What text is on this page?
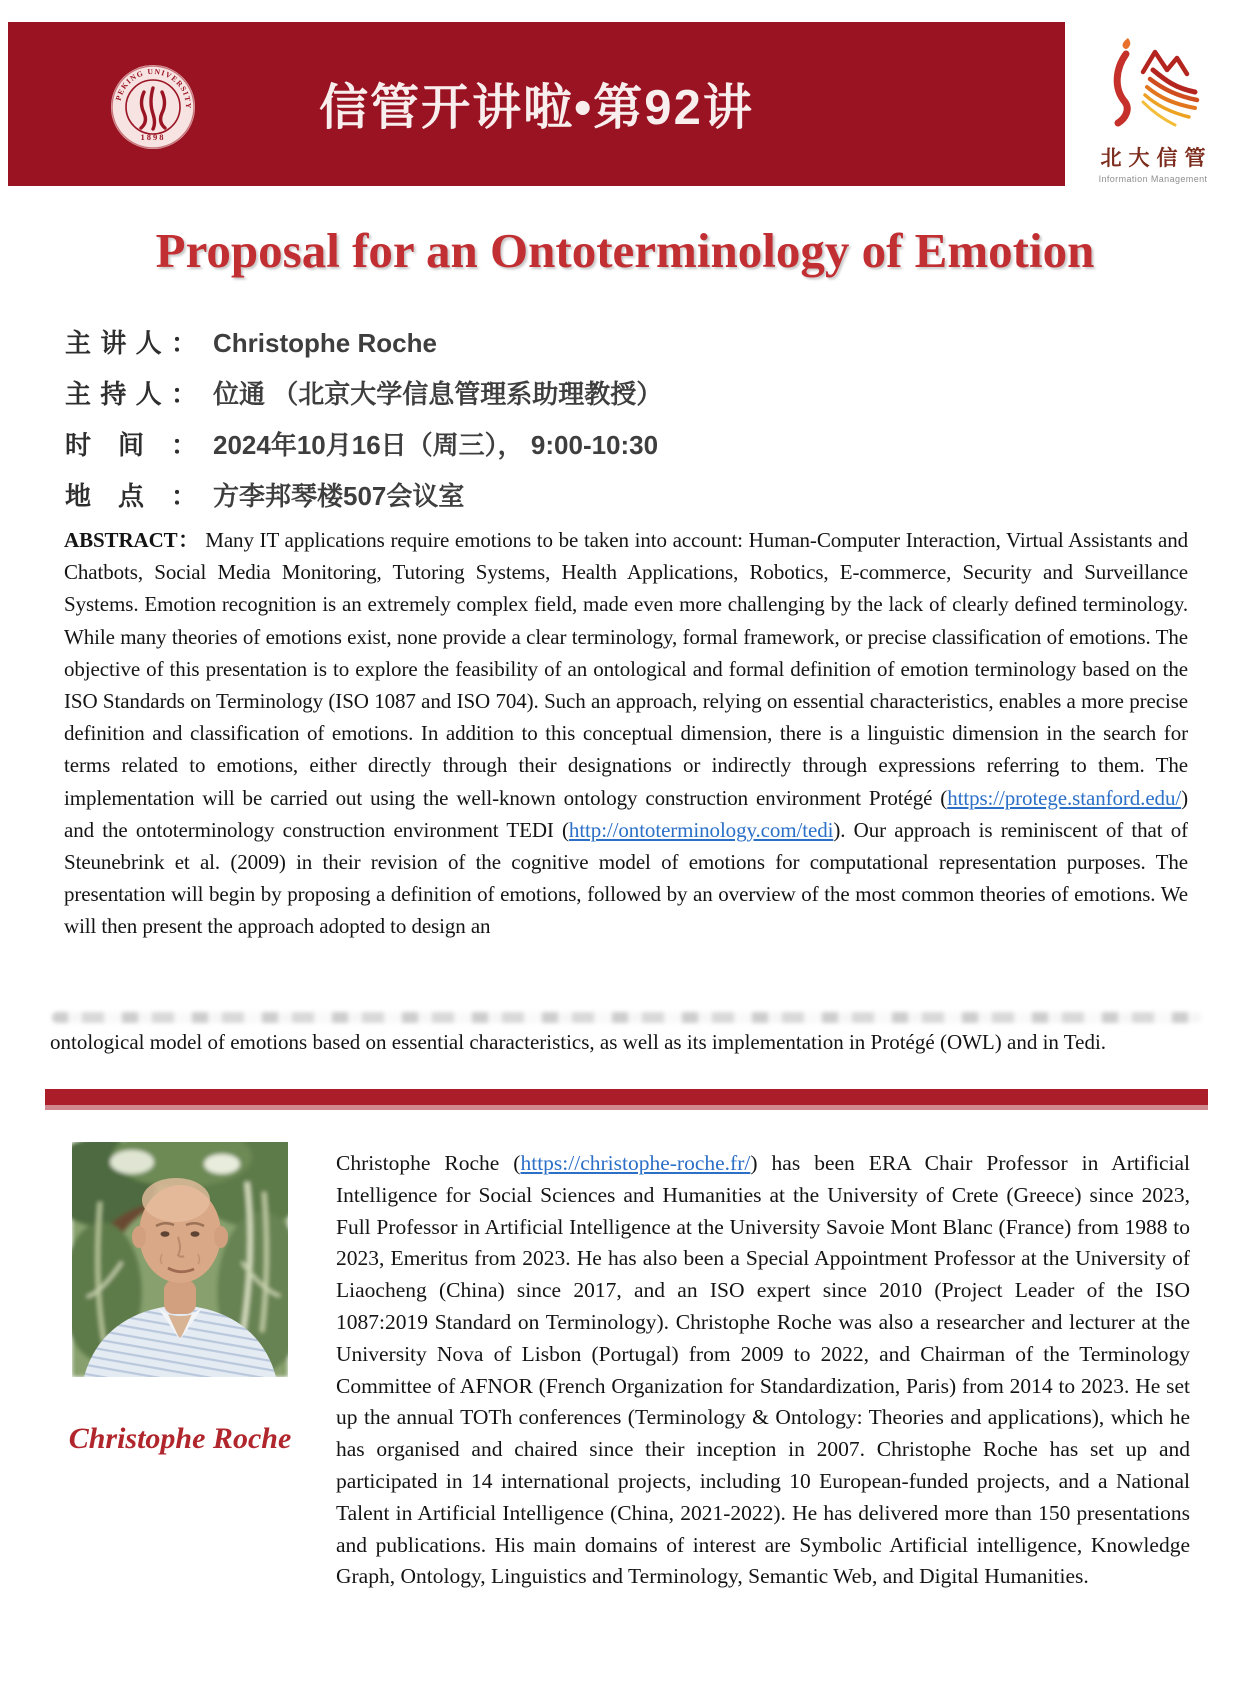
信管开讲啦•第92讲
PEKING UNIVERSITY
1898
北大信管
Information Management
Proposal for an Ontoterminology of Emotion
主讲人： Christophe Roche
主持人： 位通 （北京大学信息管理系助理教授）
时间： 2024年10月16日（周三）， 9:00-10:30
地点： 方李邦琴楼507会议室
ABSTRACT： Many IT applications require emotions to be taken into account: Human-Computer Interaction, Virtual Assistants and Chatbots, Social Media Monitoring, Tutoring Systems, Health Applications, Robotics, E-commerce, Security and Surveillance Systems. Emotion recognition is an extremely complex field, made even more challenging by the lack of clearly defined terminology. While many theories of emotions exist, none provide a clear terminology, formal framework, or precise classification of emotions. The objective of this presentation is to explore the feasibility of an ontological and formal definition of emotion terminology based on the ISO Standards on Terminology (ISO 1087 and ISO 704). Such an approach, relying on essential characteristics, enables a more precise definition and classification of emotions. In addition to this conceptual dimension, there is a linguistic dimension in the search for terms related to emotions, either directly through their designations or indirectly through expressions referring to them. The implementation will be carried out using the well-known ontology construction environment Protégé (https://protege.stanford.edu/) and the ontoterminology construction environment TEDI (http://ontoterminology.com/tedi). Our approach is reminiscent of that of Steunebrink et al. (2009) in their revision of the cognitive model of emotions for computational representation purposes. The presentation will begin by proposing a definition of emotions, followed by an overview of the most common theories of emotions. We will then present the approach adopted to design an
ontological model of emotions based on essential characteristics, as well as its implementation in Protégé (OWL) and in Tedi.
Christophe Roche
Christophe Roche (https://christophe-roche.fr/) has been ERA Chair Professor in Artificial Intelligence for Social Sciences and Humanities at the University of Crete (Greece) since 2023, Full Professor in Artificial Intelligence at the University Savoie Mont Blanc (France) from 1988 to 2023, Emeritus from 2023. He has also been a Special Appointment Professor at the University of Liaocheng (China) since 2017, and an ISO expert since 2010 (Project Leader of the ISO 1087:2019 Standard on Terminology). Christophe Roche was also a researcher and lecturer at the University Nova of Lisbon (Portugal) from 2009 to 2022, and Chairman of the Terminology Committee of AFNOR (French Organization for Standardization, Paris) from 2014 to 2023. He set up the annual TOTh conferences (Terminology & Ontology: Theories and applications), which he has organised and chaired since their inception in 2007. Christophe Roche has set up and participated in 14 international projects, including 10 European-funded projects, and a National Talent in Artificial Intelligence (China, 2021-2022). He has delivered more than 150 presentations and publications. His main domains of interest are Symbolic Artificial intelligence, Knowledge Graph, Ontology, Linguistics and Terminology, Semantic Web, and Digital Humanities.
